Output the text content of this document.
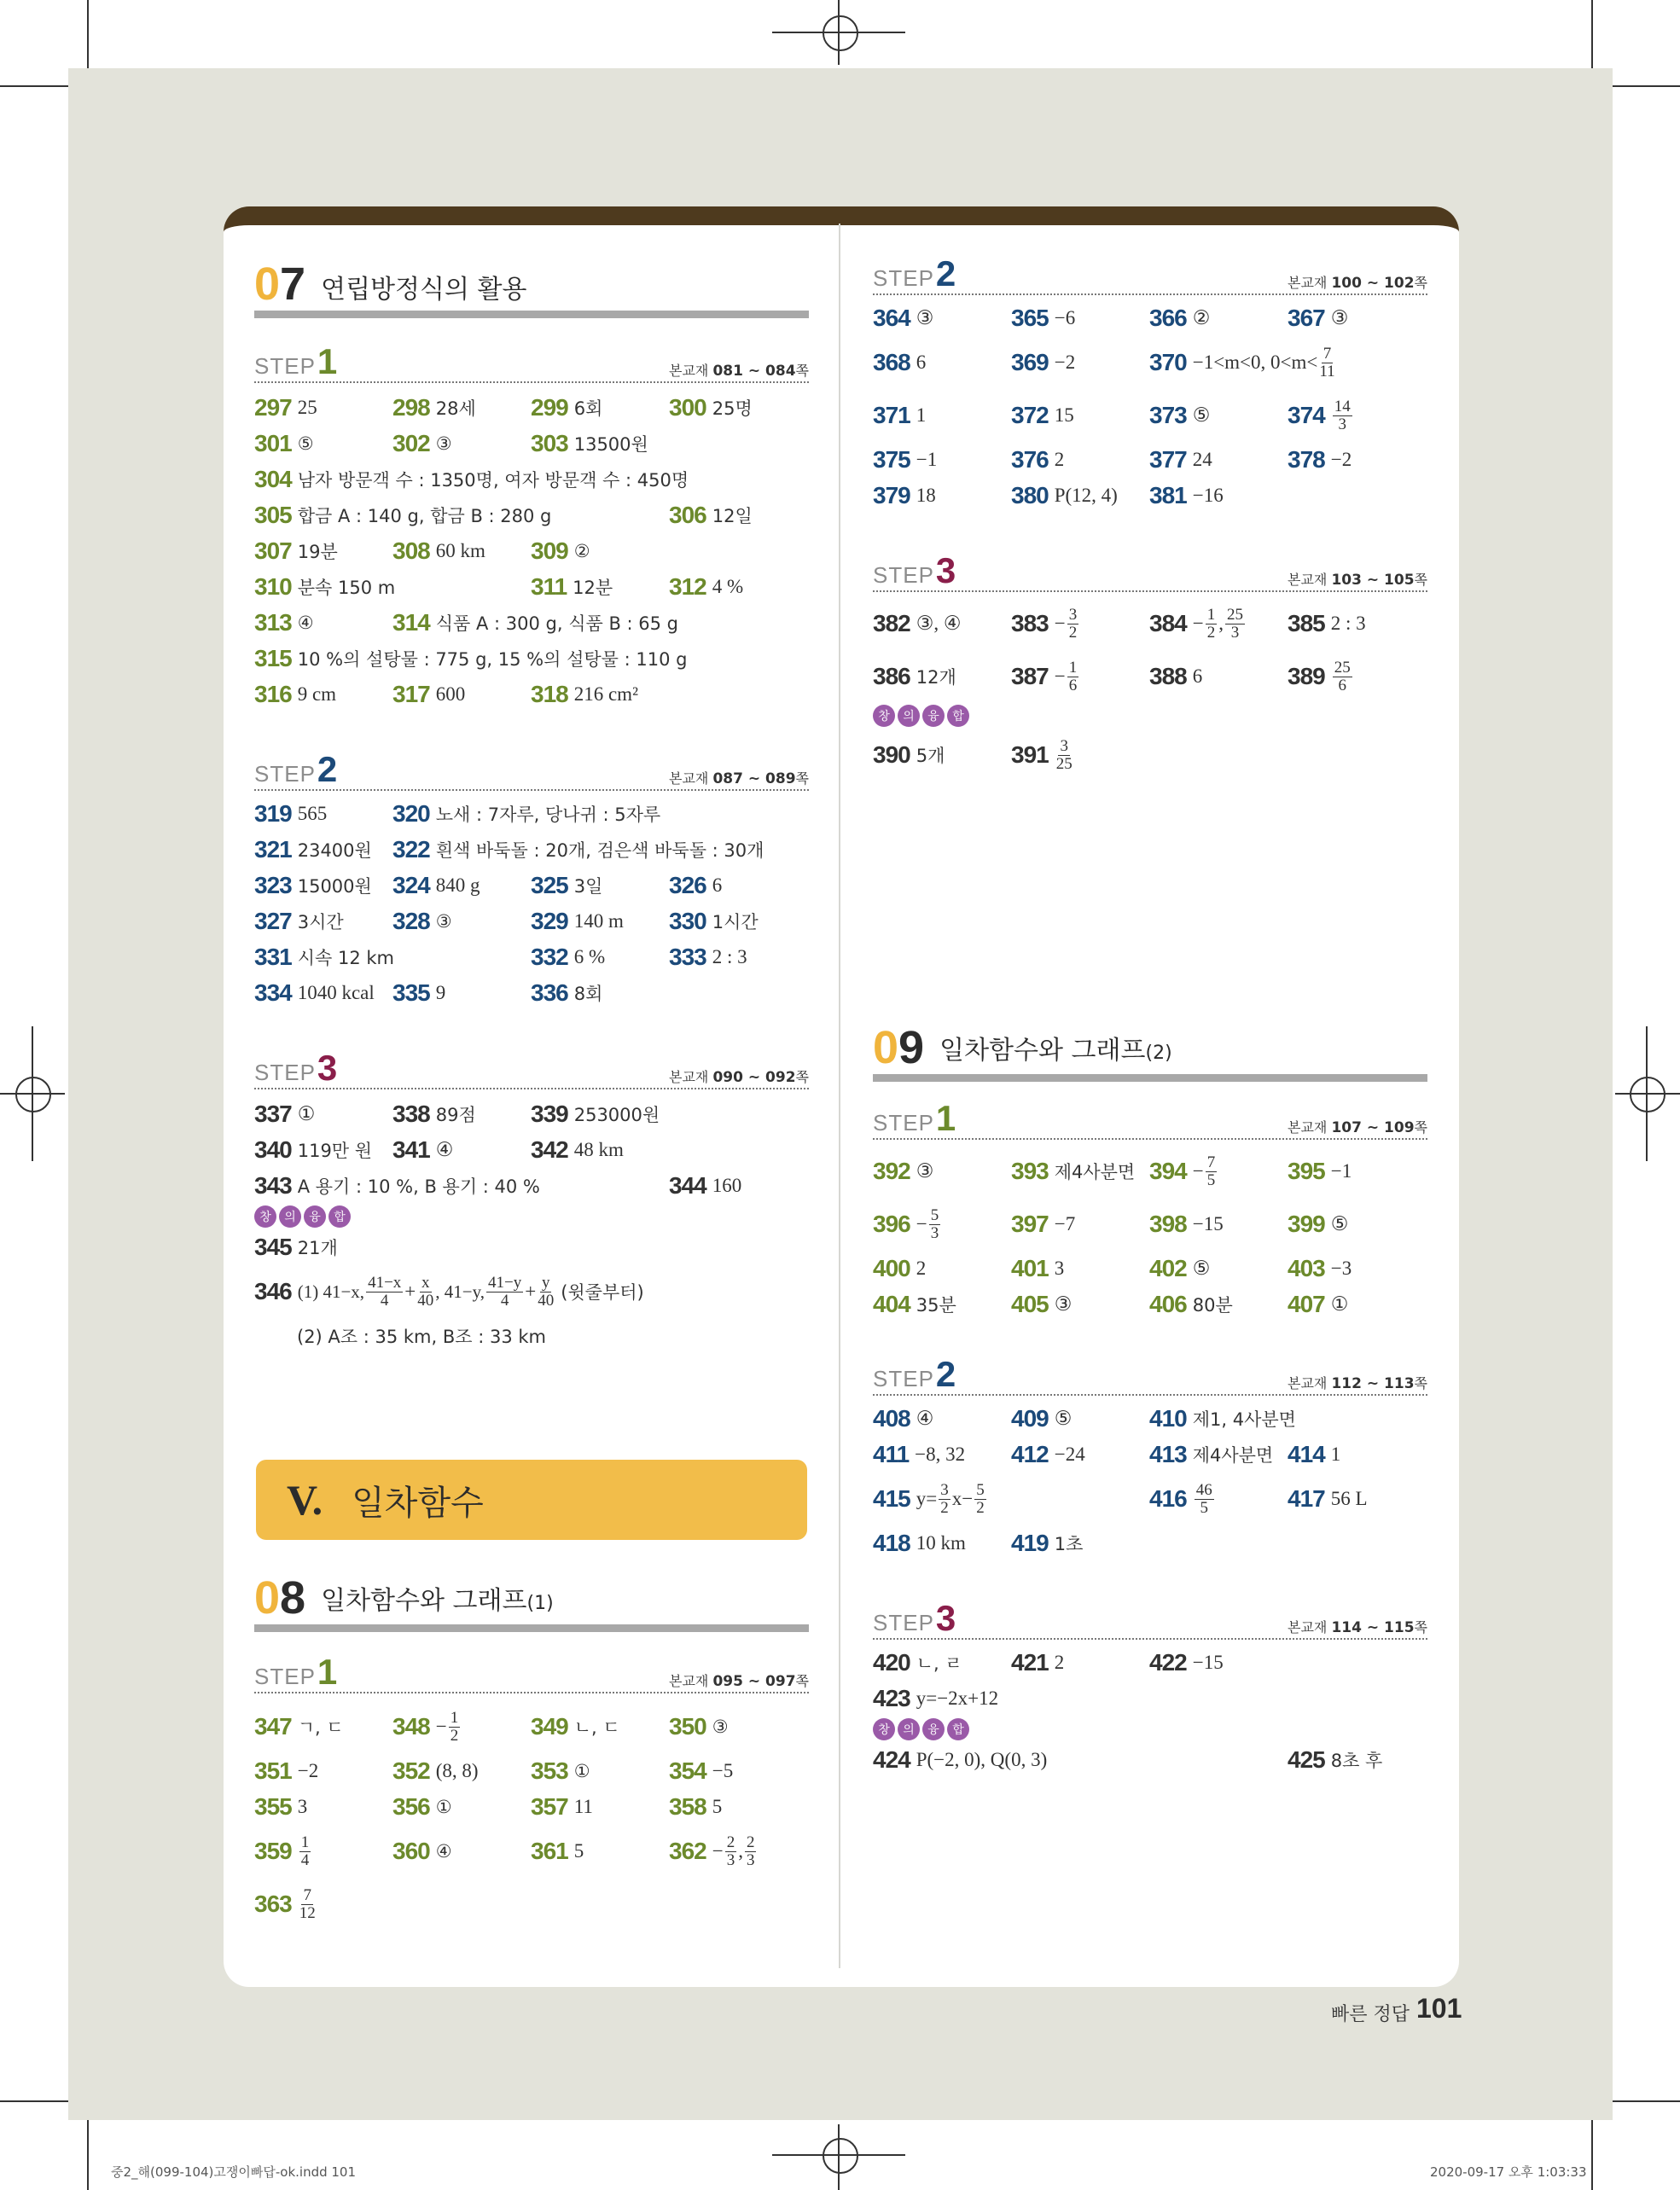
07 연립방정식의 활용
STEP1	본교재 081 ~ 084쪽
297 25	298 28세 299 6회	300 25명
301 ⑤	302 ③	303 13500원
304 남자 방문객 수 : 1350명, 여자 방문객 수 : 450명
305 합금 A : 140 g, 합금 B : 280 g	306 12일
307 19분 308 60 km 309 ②
310 분속 150 m	311 12분 312 4 %
313 ④	314 식품 A : 300 g, 식품 B : 65 g
315 10 %의 설탕물 : 775 g, 15 %의 설탕물 : 110 g
316 9 cm 317 600	318 216 cm²
STEP2	본교재 087 ~ 089쪽
319 565	320 노새 : 7자루, 당나귀 : 5자루
321 23400원 322 흰색 바둑돌 : 20개, 검은색 바둑돌 : 30개
323 15000원 324 840 g 325 3일	326 6
327 3시간 328 ③	329 140 m 330 1시간
331 시속 12 km	332 6 %	333 2 : 3
334 1040 kcal 335 9	336 8회
STEP3	본교재 090 ~ 092쪽
337 ①	338 89점 339 253000원
340 119만 원 341 ④	342 48 km
343 A 용기 : 10 %, B 용기 : 40 %	344 160
창	의	융	합
345 21개
346 (1) 41−x, $\frac{41-x}{4} + \frac{x}{40}$ , 41−y, $\frac{41-y}{4} + \frac{y}{40}$ (윗줄부터)
(2) A조 : 35 km, B조 : 33 km
V. 일차함수
08 일차함수와 그래프(1)
STEP1	본교재 095 ~ 097쪽
347 ㄱ, ㄷ $348 - \frac{1}{2}$	349 ㄴ, ㄷ 350 ③
351 −2	352 (8, 8) 353 ①	354 −5
355 3	356 ①	357 11	358 5
$359 \frac{1}{4}$	360 ④	361 5	$362 - \frac{2}{3}$ , $\frac{2}{3}$
$363 \frac{7}{12}$
STEP2	본교재 100 ~ 102쪽
364 ③	365 −6	366 ②	367 ③
368 6	369 −2	370 −1<m<0, $0<m< \frac{7}{11}$
371 1	372 15	373 ⑤	$374 \frac{14}{3}$
375 −1	376 2	377 24	378 −2
379 18	380 P(12, 4) 381 −16
STEP3	본교재 103 ~ 105쪽
382 ③, ④ $383 - \frac{3}{2}$	$384 - \frac{1}{2}$ , $\frac{25}{3} 385$ 2 : 3
386 12개 $387 - \frac{1}{6}$	388 6	$389 \frac{25}{6}$
창	의	융	합
390 5개	$391 \frac{3}{25}$
09 일차함수와 그래프(2)
STEP1	본교재 107 ~ 109쪽
392 ③	393 제4사분면 $394 - \frac{7}{5}$	395 −1
$396 - \frac{5}{3}$	397 −7	398 −15	399 ⑤
400 2	401 3	402 ⑤	403 −3
404 35분 405 ③	406 80분 407 ①
STEP2	본교재 112 ~ 113쪽
408 ④	409 ⑤	410 제1, 4사분면
411 −8, 32 412 −24	413 제4사분면 414 1
415 $y= \frac{3}{2} x- \frac{5}{2}$	$416 \frac{46}{5}$	417 56 L
418 10 km 419 1초
STEP3	본교재 114 ~ 115쪽
420 ㄴ, ㄹ 421 2	422 −15
423 y=−2x+12
창	의	융	합
424 P(−2, 0), Q(0, 3)	425 8초 후
빠른 정답 101
중2_해(099-104)고쟁이빠답-ok.indd 101	2020-09-17 오후 1:03:33
